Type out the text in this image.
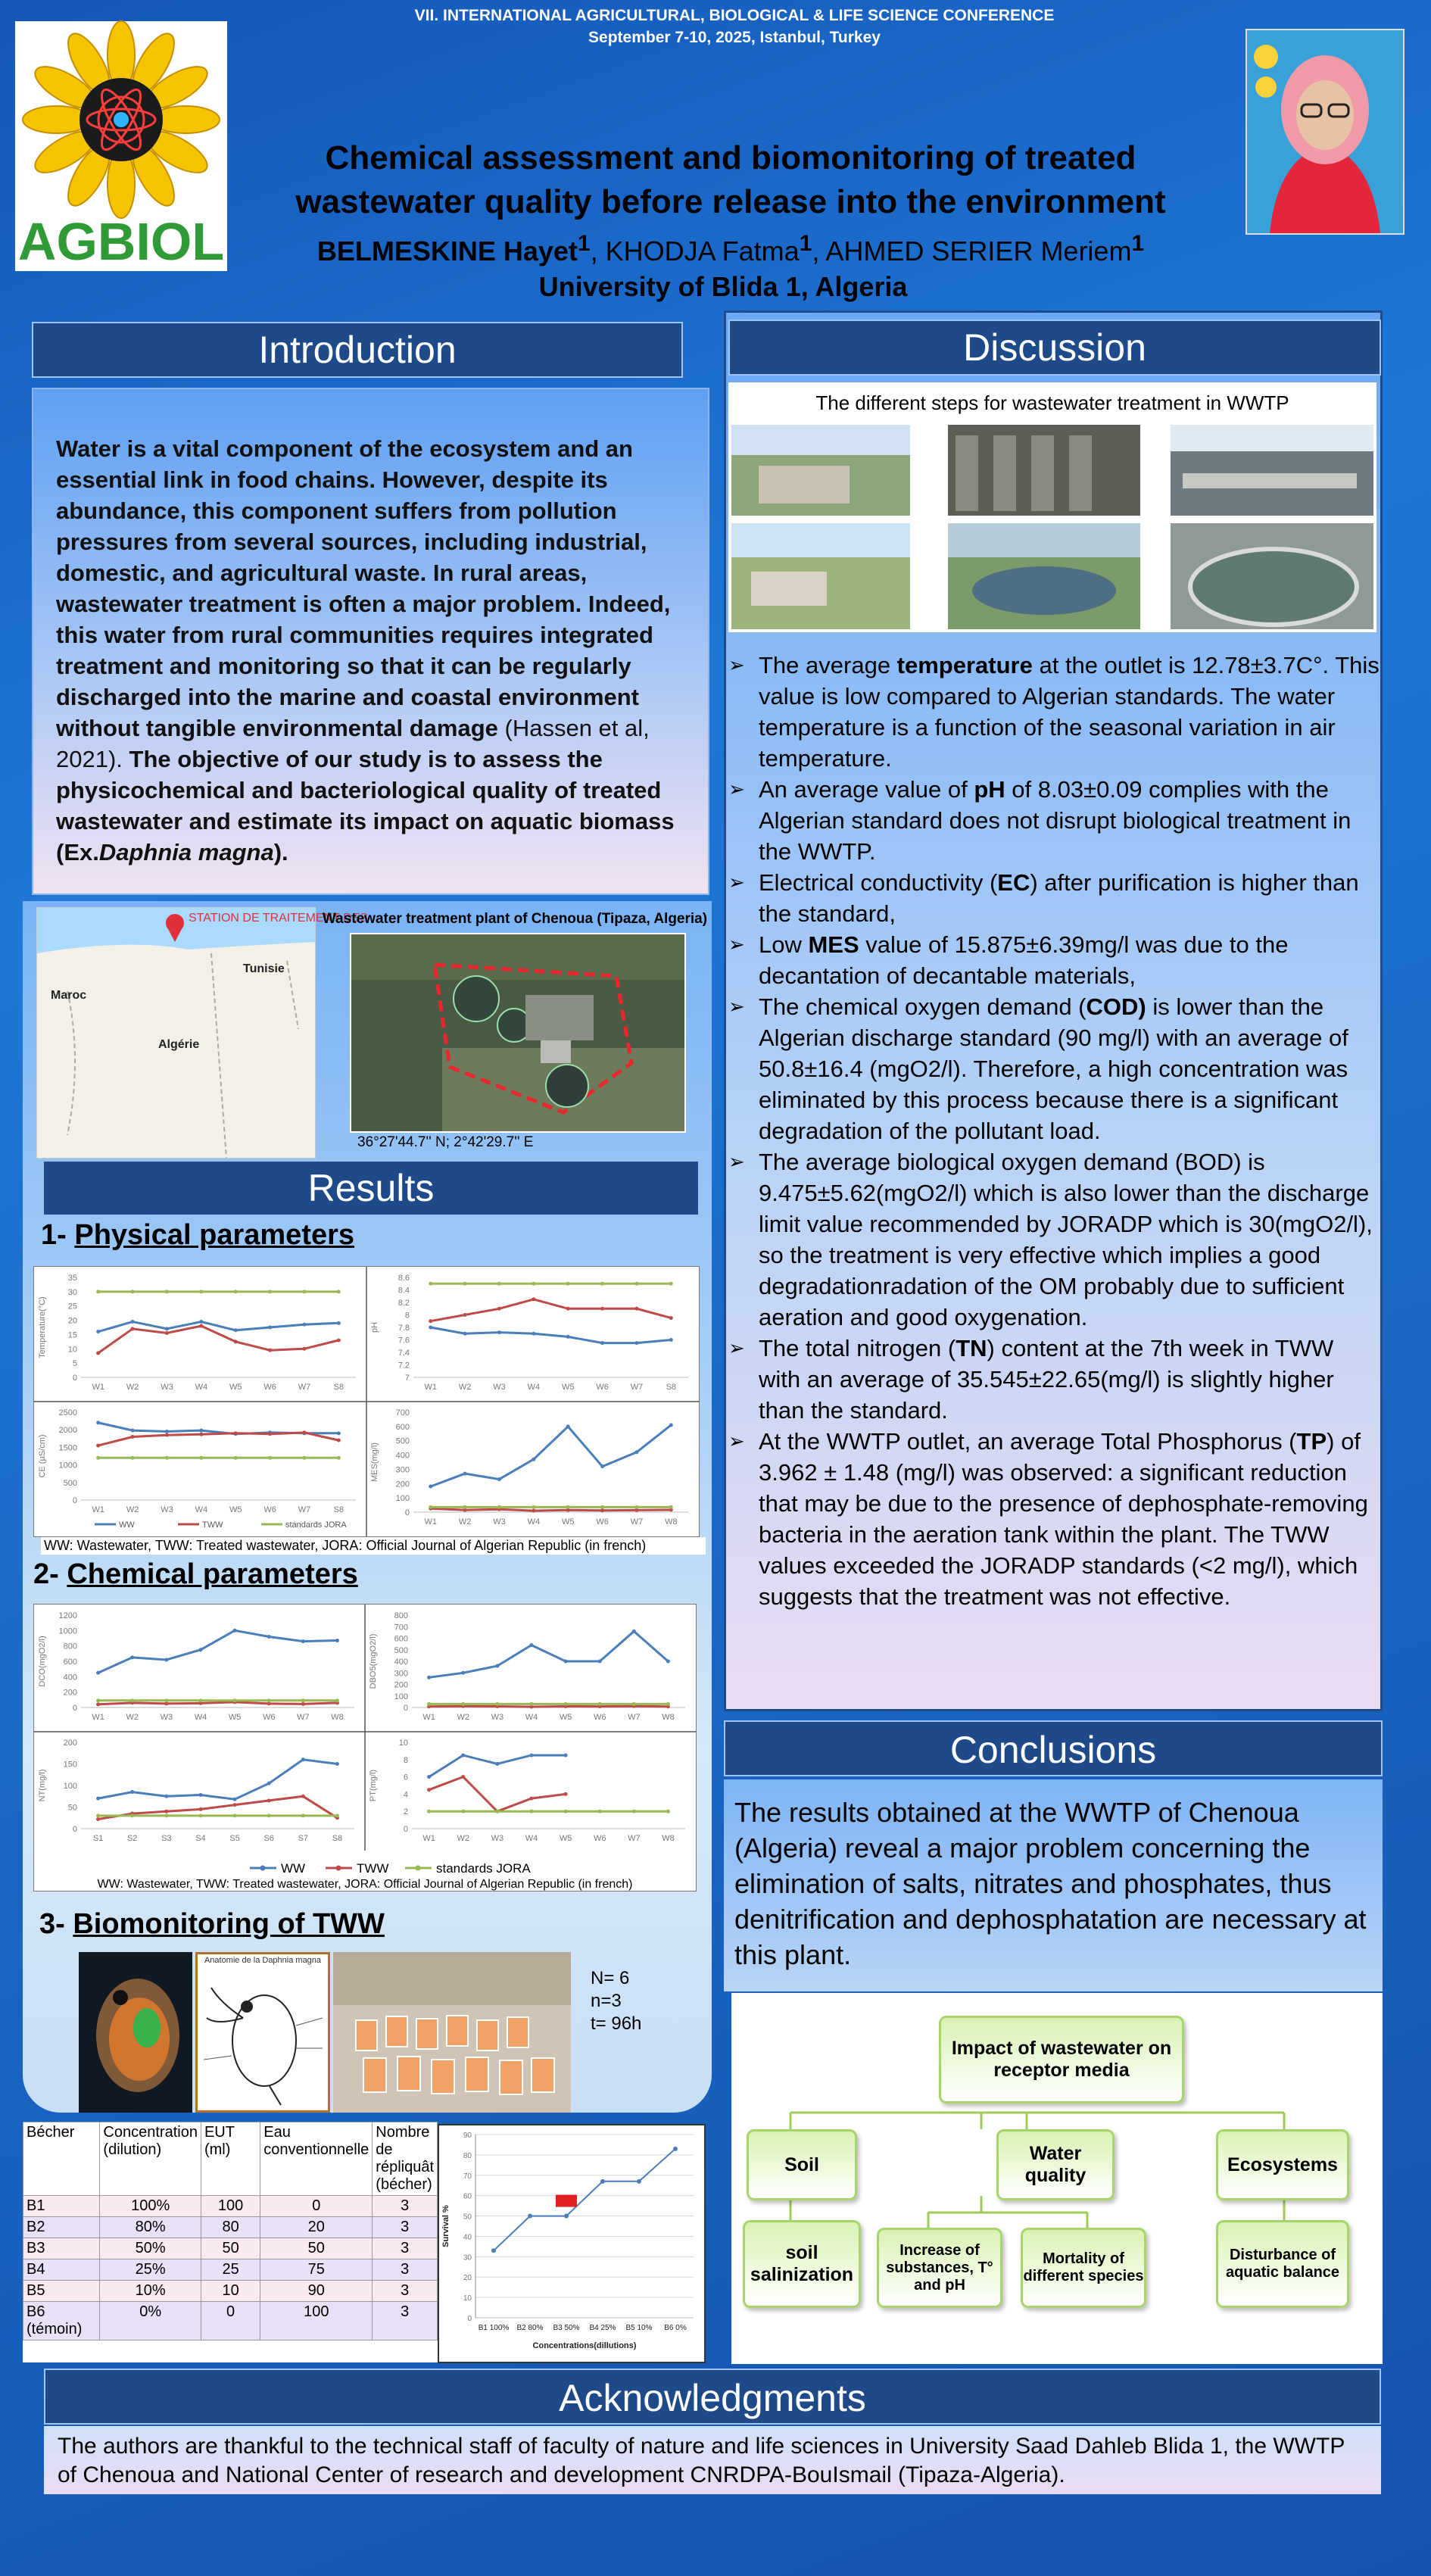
VII. INTERNATIONAL AGRICULTURAL, BIOLOGICAL & LIFE SCIENCE CONFERENCE
September 7-10, 2025, Istanbul, Turkey
AGBIOL
Chemical assessment and biomonitoring of treated
wastewater quality before release into the environment
BELMESKINE Hayet$^1$, KHODJA Fatma$^1$, AHMED SERIER Meriem$^1$
University of Blida 1, Algeria
Introduction
Water is a vital component of the ecosystem and an essential link in food chains. However, despite its abundance, this component suffers from pollution pressures from several sources, including industrial, domestic, and agricultural waste. In rural areas, wastewater treatment is often a major problem. Indeed, this water from rural communities requires integrated treatment and monitoring so that it can be regularly discharged into the marine and coastal environment without tangible environmental damage (Hassen et al, 2021). The objective of our study is to assess the physicochemical and bacteriological quality of treated wastewater and estimate its impact on aquatic biomass (Ex.Daphnia magna).
STATION DE TRAITEMENT DES
Maroc
Tunisie
Algérie
Wastewater treatment plant of Chenoua (Tipaza, Algeria)
36°27'44.7'' N; 2°42'29.7'' E
Results
1- Physical parameters
0
5
10
15
20
25
30
35
W1	W2	W3	W4	W5	W6	W7	S8
Temperature(°C)
7
7.2
7.4
7.6
7.8
8
8.2
8.4
8.6
W1	W2	W3	W4	W5	W6	W7	S8
pH
0
500
1000
1500
2000
2500
W1	W2	W3	W4	W5	W6	W7	S8
CE (µS/cm)
WW	TWW	standards JORA
0
100
200
300
400
500
600
700
W1	W2	W3	W4	W5	W6	W7	W8
MES(mg/l)
WW: Wastewater, TWW: Treated wastewater, JORA: Official Journal of Algerian Republic (in french)
2- Chemical parameters
0
200
400
600
800
1000
1200
W1	W2	W3	W4	W5	W6	W7	W8
DCO(mgO2/l)
0
100
200
300
400
500
600
700
800
W1	W2	W3	W4	W5	W6	W7	W8
DBO5(mgO2/l)
0
50
100
150
200
S1	S2	S3	S4	S5	S6	S7	S8
NT(mg/l)
0
2
4
6
8
10
W1	W2	W3	W4	W5	W6	W7	W8
PT(mg/l)
WW	TWW	standards JORA
WW: Wastewater, TWW: Treated wastewater, JORA: Official Journal of Algerian Republic (in french)
3- Biomonitoring of TWW
Anatomie de la Daphnia magna
N= 6
n=3
t= 96h
Bécher	Concentration (dilution)	EUT (ml)	Eau conventionnelle	Nombre de répliquât (bécher)
B1	100%	100	0	3
B2	80%	80	20	3
B3	50%	50	50	3
B4	25%	25	75	3
B5	10%	10	90	3
B6 (témoin)	0%	0	100	3	0
10
20
30
40
50
60
70
80
90
B1 100% B2 80% B3 50% B4 25% B5 10% B6 0%
Survival %
Concentrations(dillutions)
Discussion
The different steps for wastewater treatment in WWTP
➢ The average temperature at the outlet is 12.78±3.7C°. This value is low compared to Algerian standards. The water temperature is a function of the seasonal variation in air temperature.
➢ An average value of pH of 8.03±0.09 complies with the Algerian standard does not disrupt biological treatment in the WWTP.
➢ Electrical conductivity (EC) after purification is higher than the standard,
➢ Low MES value of 15.875±6.39mg/l was due to the decantation of decantable materials,
➢ The chemical oxygen demand (COD) is lower than the Algerian discharge standard (90 mg/l) with an average of 50.8±16.4 (mgO2/l). Therefore, a high concentration was eliminated by this process because there is a significant degradation of the pollutant load.
➢ The average biological oxygen demand (BOD) is 9.475±5.62(mgO2/l) which is also lower than the discharge limit value recommended by JORADP which is 30(mgO2/l), so the treatment is very effective which implies a good degradationradation of the OM probably due to sufficient aeration and good oxygenation.
➢ The total nitrogen (TN) content at the 7th week in TWW with an average of 35.545±22.65(mg/l) is slightly higher than the standard.
➢ At the WWTP outlet, an average Total Phosphorus (TP) of 3.962 ± 1.48 (mg/l) was observed: a significant reduction that may be due to the presence of dephosphate-removing bacteria in the aeration tank within the plant. The TWW values exceeded the JORADP standards (<2 mg/l), which suggests that the treatment was not effective.
Conclusions
The results obtained at the WWTP of Chenoua (Algeria) reveal a major problem concerning the elimination of salts, nitrates and phosphates, thus denitrification and dephosphatation are necessary at this plant.
Impact of wastewater on receptor media
Soil
Water quality
Ecosystems
soil salinization
Increase of substances, T° and pH
Mortality of different species
Disturbance of aquatic balance
Acknowledgments
The authors are thankful to the technical staff of faculty of nature and life sciences in University Saad Dahleb Blida 1, the WWTP of Chenoua and National Center of research and development CNRDPA-BouIsmail (Tipaza-Algeria).
